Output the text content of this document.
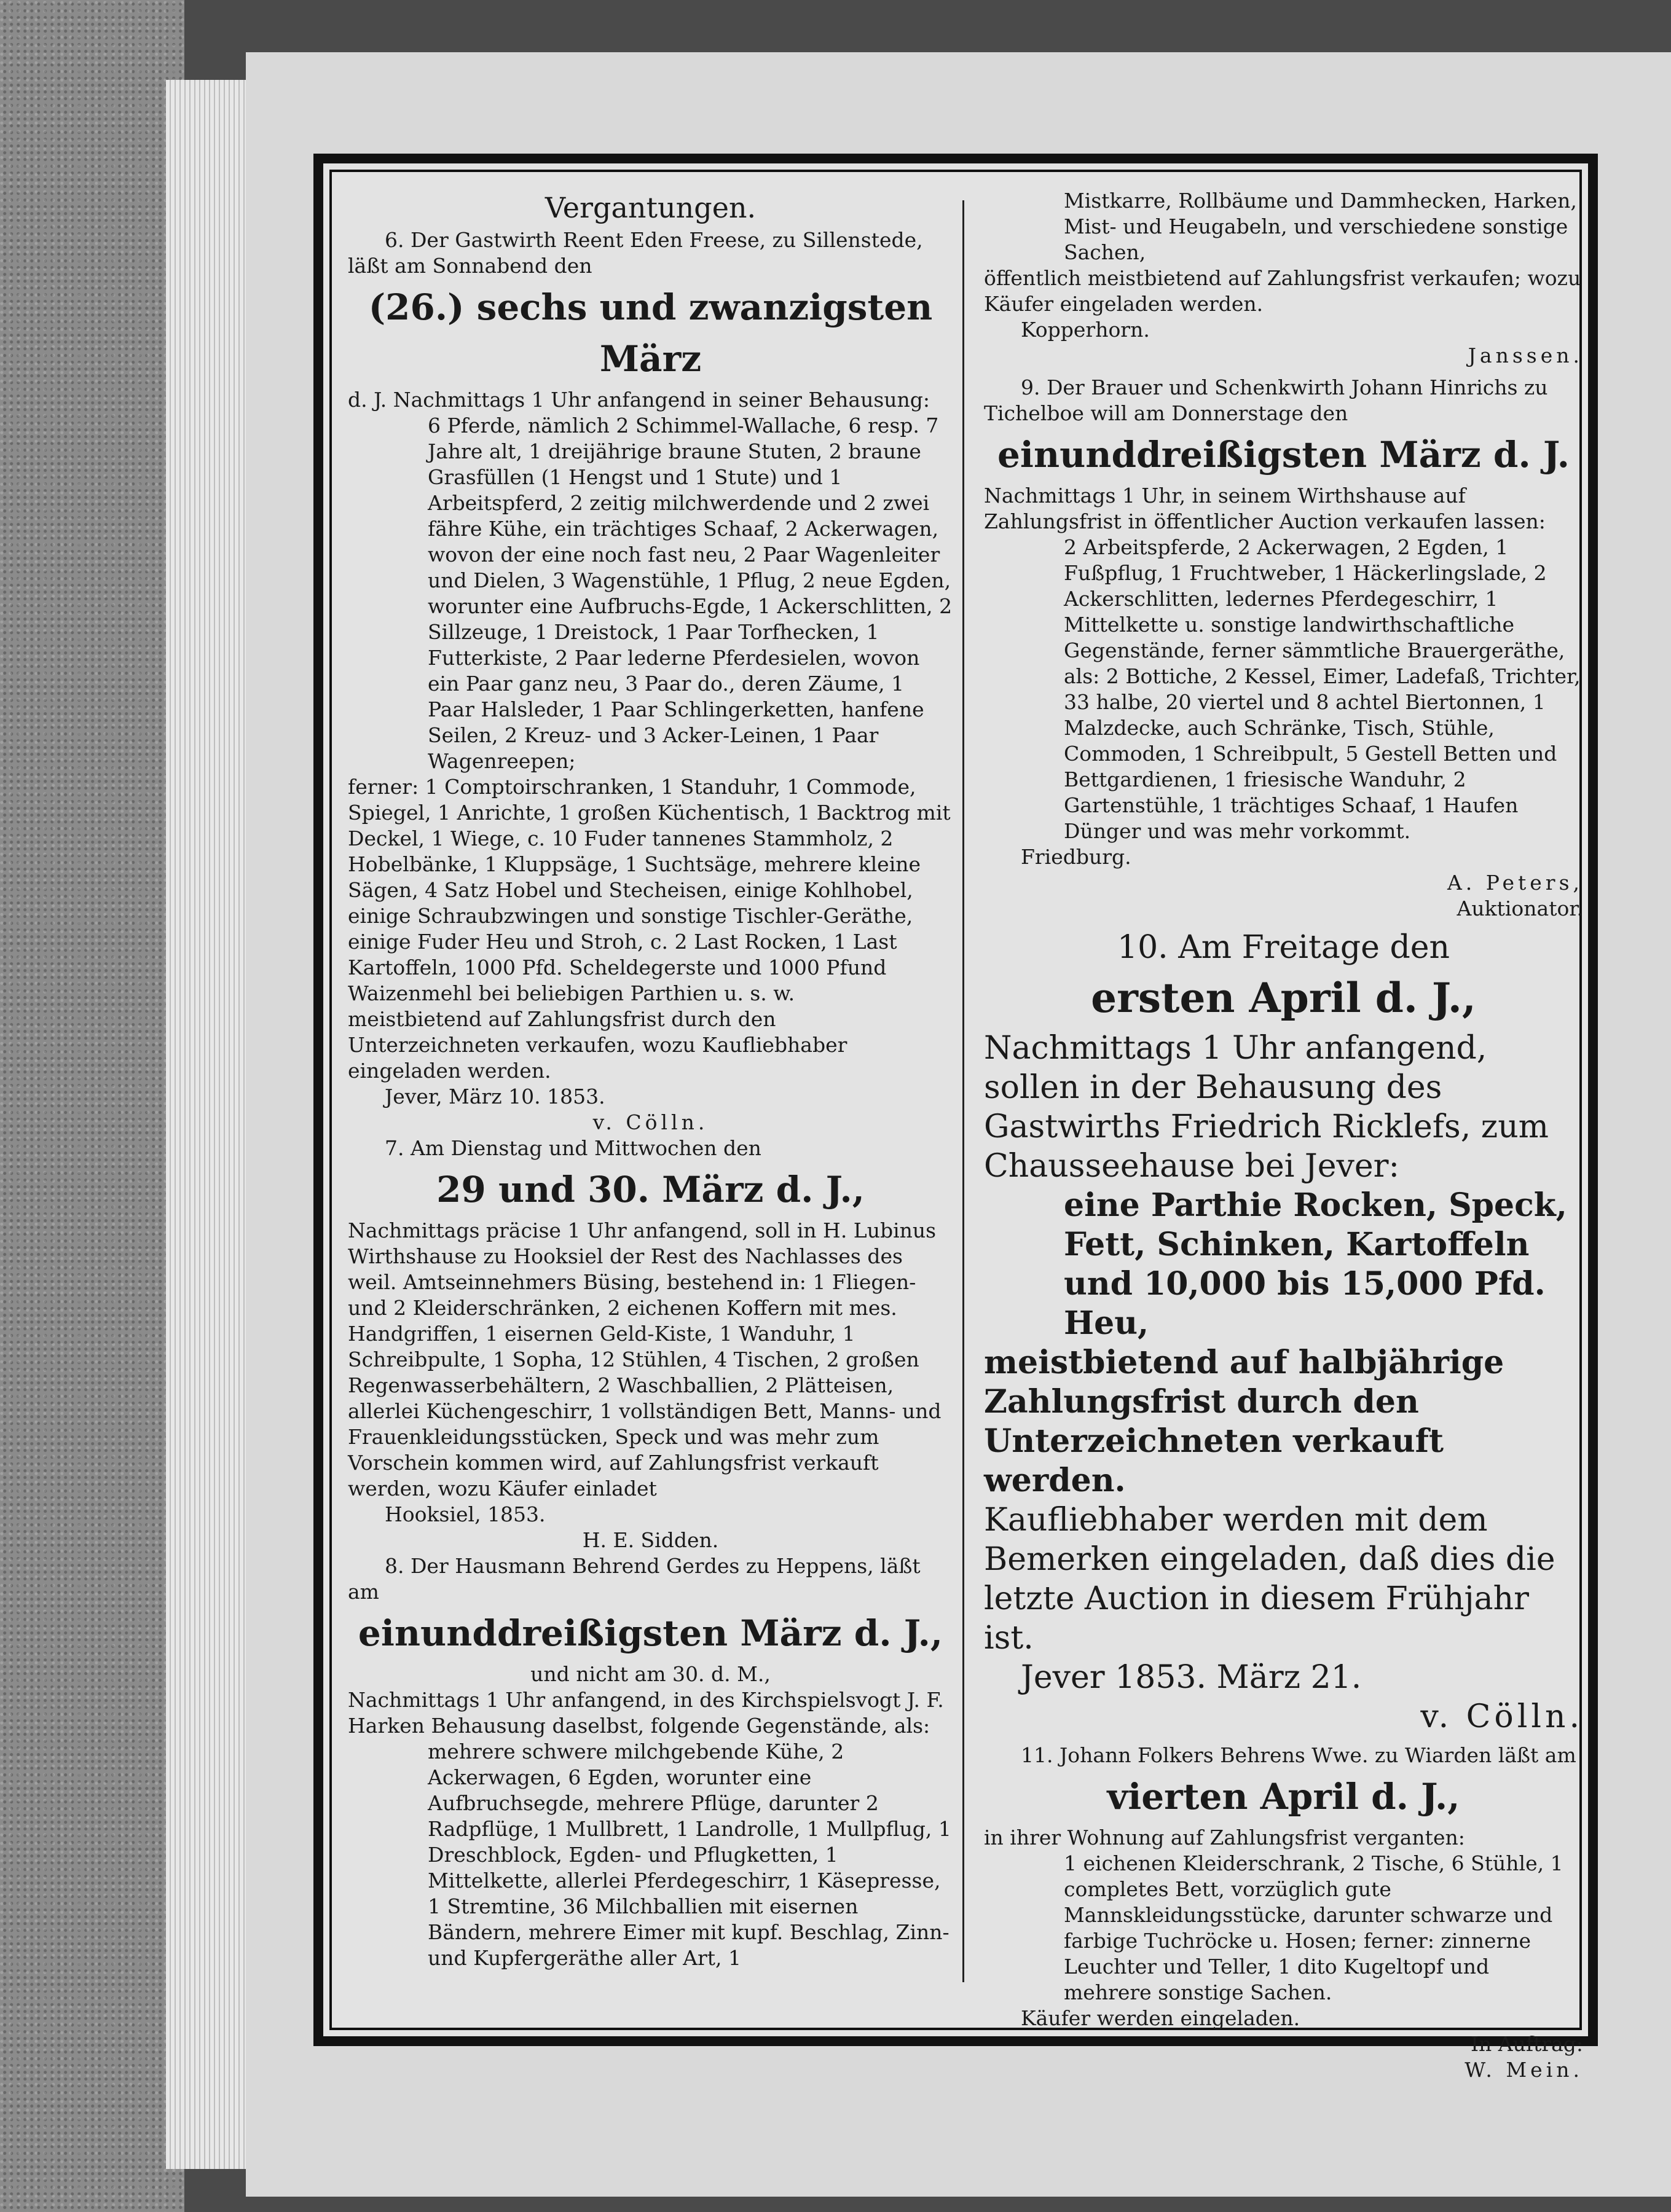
Vergantungen.

6. Der Gastwirth Reent Eden Freese, zu Sillenstede, läßt am Sonnabend den

(26.) sechs und zwanzigsten März

d. J. Nachmittags 1 Uhr anfangend in seiner Behausung:

6 Pferde, nämlich 2 Schimmel-Wallache, 6 resp. 7 Jahre alt, 1 dreijährige braune Stuten, 2 braune Grasfüllen (1 Hengst und 1 Stute) und 1 Arbeitspferd, 2 zeitig milchwerdende und 2 zwei fähre Kühe, ein trächtiges Schaaf, 2 Ackerwagen, wovon der eine noch fast neu, 2 Paar Wagenleiter und Dielen, 3 Wagenstühle, 1 Pflug, 2 neue Egden, worunter eine Aufbruchs-Egde, 1 Ackerschlitten, 2 Sillzeuge, 1 Dreistock, 1 Paar Torfhecken, 1 Futterkiste, 2 Paar lederne Pferdesielen, wovon ein Paar ganz neu, 3 Paar do., deren Zäume, 1 Paar Halsleder, 1 Paar Schlingerketten, hanfene Seilen, 2 Kreuz- und 3 Acker-Leinen, 1 Paar Wagenreepen;

ferner: 1 Comptoirschranken, 1 Standuhr, 1 Commode, Spiegel, 1 Anrichte, 1 großen Küchentisch, 1 Backtrog mit Deckel, 1 Wiege, c. 10 Fuder tannenes Stammholz, 2 Hobelbänke, 1 Kluppsäge, 1 Suchtsäge, mehrere kleine Sägen, 4 Satz Hobel und Stecheisen, einige Kohlhobel, einige Schraubzwingen und sonstige Tischler-Geräthe, einige Fuder Heu und Stroh, c. 2 Last Rocken, 1 Last Kartoffeln, 1000 Pfd. Scheldegerste und 1000 Pfund Waizenmehl bei beliebigen Parthien u. s. w.

meistbietend auf Zahlungsfrist durch den Unterzeichneten verkaufen, wozu Kaufliebhaber eingeladen werden.

Jever, März 10. 1853.

v. Cölln.

7. Am Dienstag und Mittwochen den

29 und 30. März d. J.,

Nachmittags präcise 1 Uhr anfangend, soll in H. Lubinus Wirthshause zu Hooksiel der Rest des Nachlasses des weil. Amtseinnehmers Büsing, bestehend in: 1 Fliegen- und 2 Kleiderschränken, 2 eichenen Koffern mit mes. Handgriffen, 1 eisernen Geld-Kiste, 1 Wanduhr, 1 Schreibpulte, 1 Sopha, 12 Stühlen, 4 Tischen, 2 großen Regenwasserbehältern, 2 Waschballien, 2 Plätteisen, allerlei Küchengeschirr, 1 vollständigen Bett, Manns- und Frauenkleidungsstücken, Speck und was mehr zum Vorschein kommen wird, auf Zahlungsfrist verkauft werden, wozu Käufer einladet

Hooksiel, 1853.

H. E. Sidden.

8. Der Hausmann Behrend Gerdes zu Heppens, läßt am

einunddreißigsten März d. J.,

und nicht am 30. d. M.,

Nachmittags 1 Uhr anfangend, in des Kirchspielsvogt J. F. Harken Behausung daselbst, folgende Gegenstände, als:

mehrere schwere milchgebende Kühe, 2 Ackerwagen, 6 Egden, worunter eine Aufbruchsegde, mehrere Pflüge, darunter 2 Radpflüge, 1 Mullbrett, 1 Landrolle, 1 Mullpflug, 1 Dreschblock, Egden- und Pflugketten, 1 Mittelkette, allerlei Pferdegeschirr, 1 Käsepresse, 1 Stremtine, 36 Milchballien mit eisernen Bändern, mehrere Eimer mit kupf. Beschlag, Zinn- und Kupfergeräthe aller Art, 1

Mistkarre, Rollbäume und Dammhecken, Harken, Mist- und Heugabeln, und verschiedene sonstige Sachen,

öffentlich meistbietend auf Zahlungsfrist verkaufen; wozu Käufer eingeladen werden.

Kopperhorn.

Janssen.

9. Der Brauer und Schenkwirth Johann Hinrichs zu Tichelboe will am Donnerstage den

einunddreißigsten März d. J.

Nachmittags 1 Uhr, in seinem Wirthshause auf Zahlungsfrist in öffentlicher Auction verkaufen lassen:

2 Arbeitspferde, 2 Ackerwagen, 2 Egden, 1 Fußpflug, 1 Fruchtweber, 1 Häckerlingslade, 2 Ackerschlitten, ledernes Pferdegeschirr, 1 Mittelkette u. sonstige landwirthschaftliche Gegenstände, ferner sämmtliche Brauergeräthe, als: 2 Bottiche, 2 Kessel, Eimer, Ladefaß, Trichter, 33 halbe, 20 viertel und 8 achtel Biertonnen, 1 Malzdecke, auch Schränke, Tisch, Stühle, Commoden, 1 Schreibpult, 5 Gestell Betten und Bettgardienen, 1 friesische Wanduhr, 2 Gartenstühle, 1 trächtiges Schaaf, 1 Haufen Dünger und was mehr vorkommt.

Friedburg.

A. Peters,

Auktionator.

10. Am Freitage den

ersten April d. J.,

Nachmittags 1 Uhr anfangend, sollen in der Behausung des Gastwirths Friedrich Ricklefs, zum Chausseehause bei Jever:

eine Parthie Rocken, Speck, Fett, Schinken, Kartoffeln und 10,000 bis 15,000 Pfd. Heu,

meistbietend auf halbjährige Zahlungsfrist durch den Unterzeichneten verkauft werden.

Kaufliebhaber werden mit dem Bemerken eingeladen, daß dies die letzte Auction in diesem Frühjahr ist.

Jever 1853. März 21.

v. Cölln.

11. Johann Folkers Behrens Wwe. zu Wiarden läßt am

vierten April d. J.,

in ihrer Wohnung auf Zahlungsfrist verganten:

1 eichenen Kleiderschrank, 2 Tische, 6 Stühle, 1 completes Bett, vorzüglich gute Mannskleidungsstücke, darunter schwarze und farbige Tuchröcke u. Hosen; ferner: zinnerne Leuchter und Teller, 1 dito Kugeltopf und mehrere sonstige Sachen.

Käufer werden eingeladen.

In Auftrag:

W. Mein.
